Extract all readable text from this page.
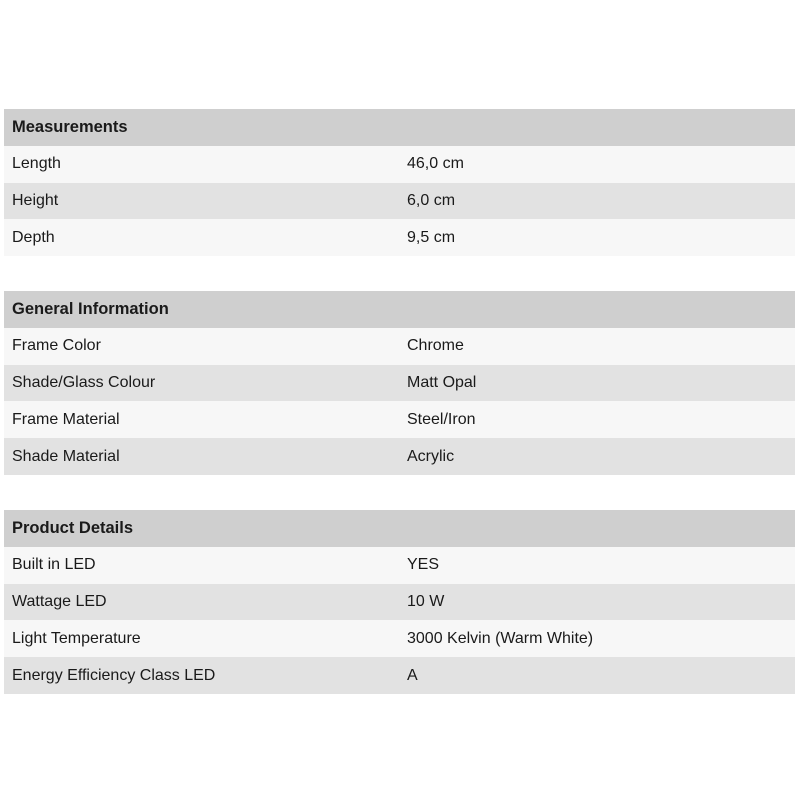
Measurements
Length	46,0 cm
Height	6,0 cm
Depth	9,5 cm
General Information
Frame Color	Chrome
Shade/Glass Colour	Matt Opal
Frame Material	Steel/Iron
Shade Material	Acrylic
Product Details
Built in LED	YES
Wattage LED	10 W
Light Temperature	3000 Kelvin (Warm White)
Energy Efficiency Class LED	A
